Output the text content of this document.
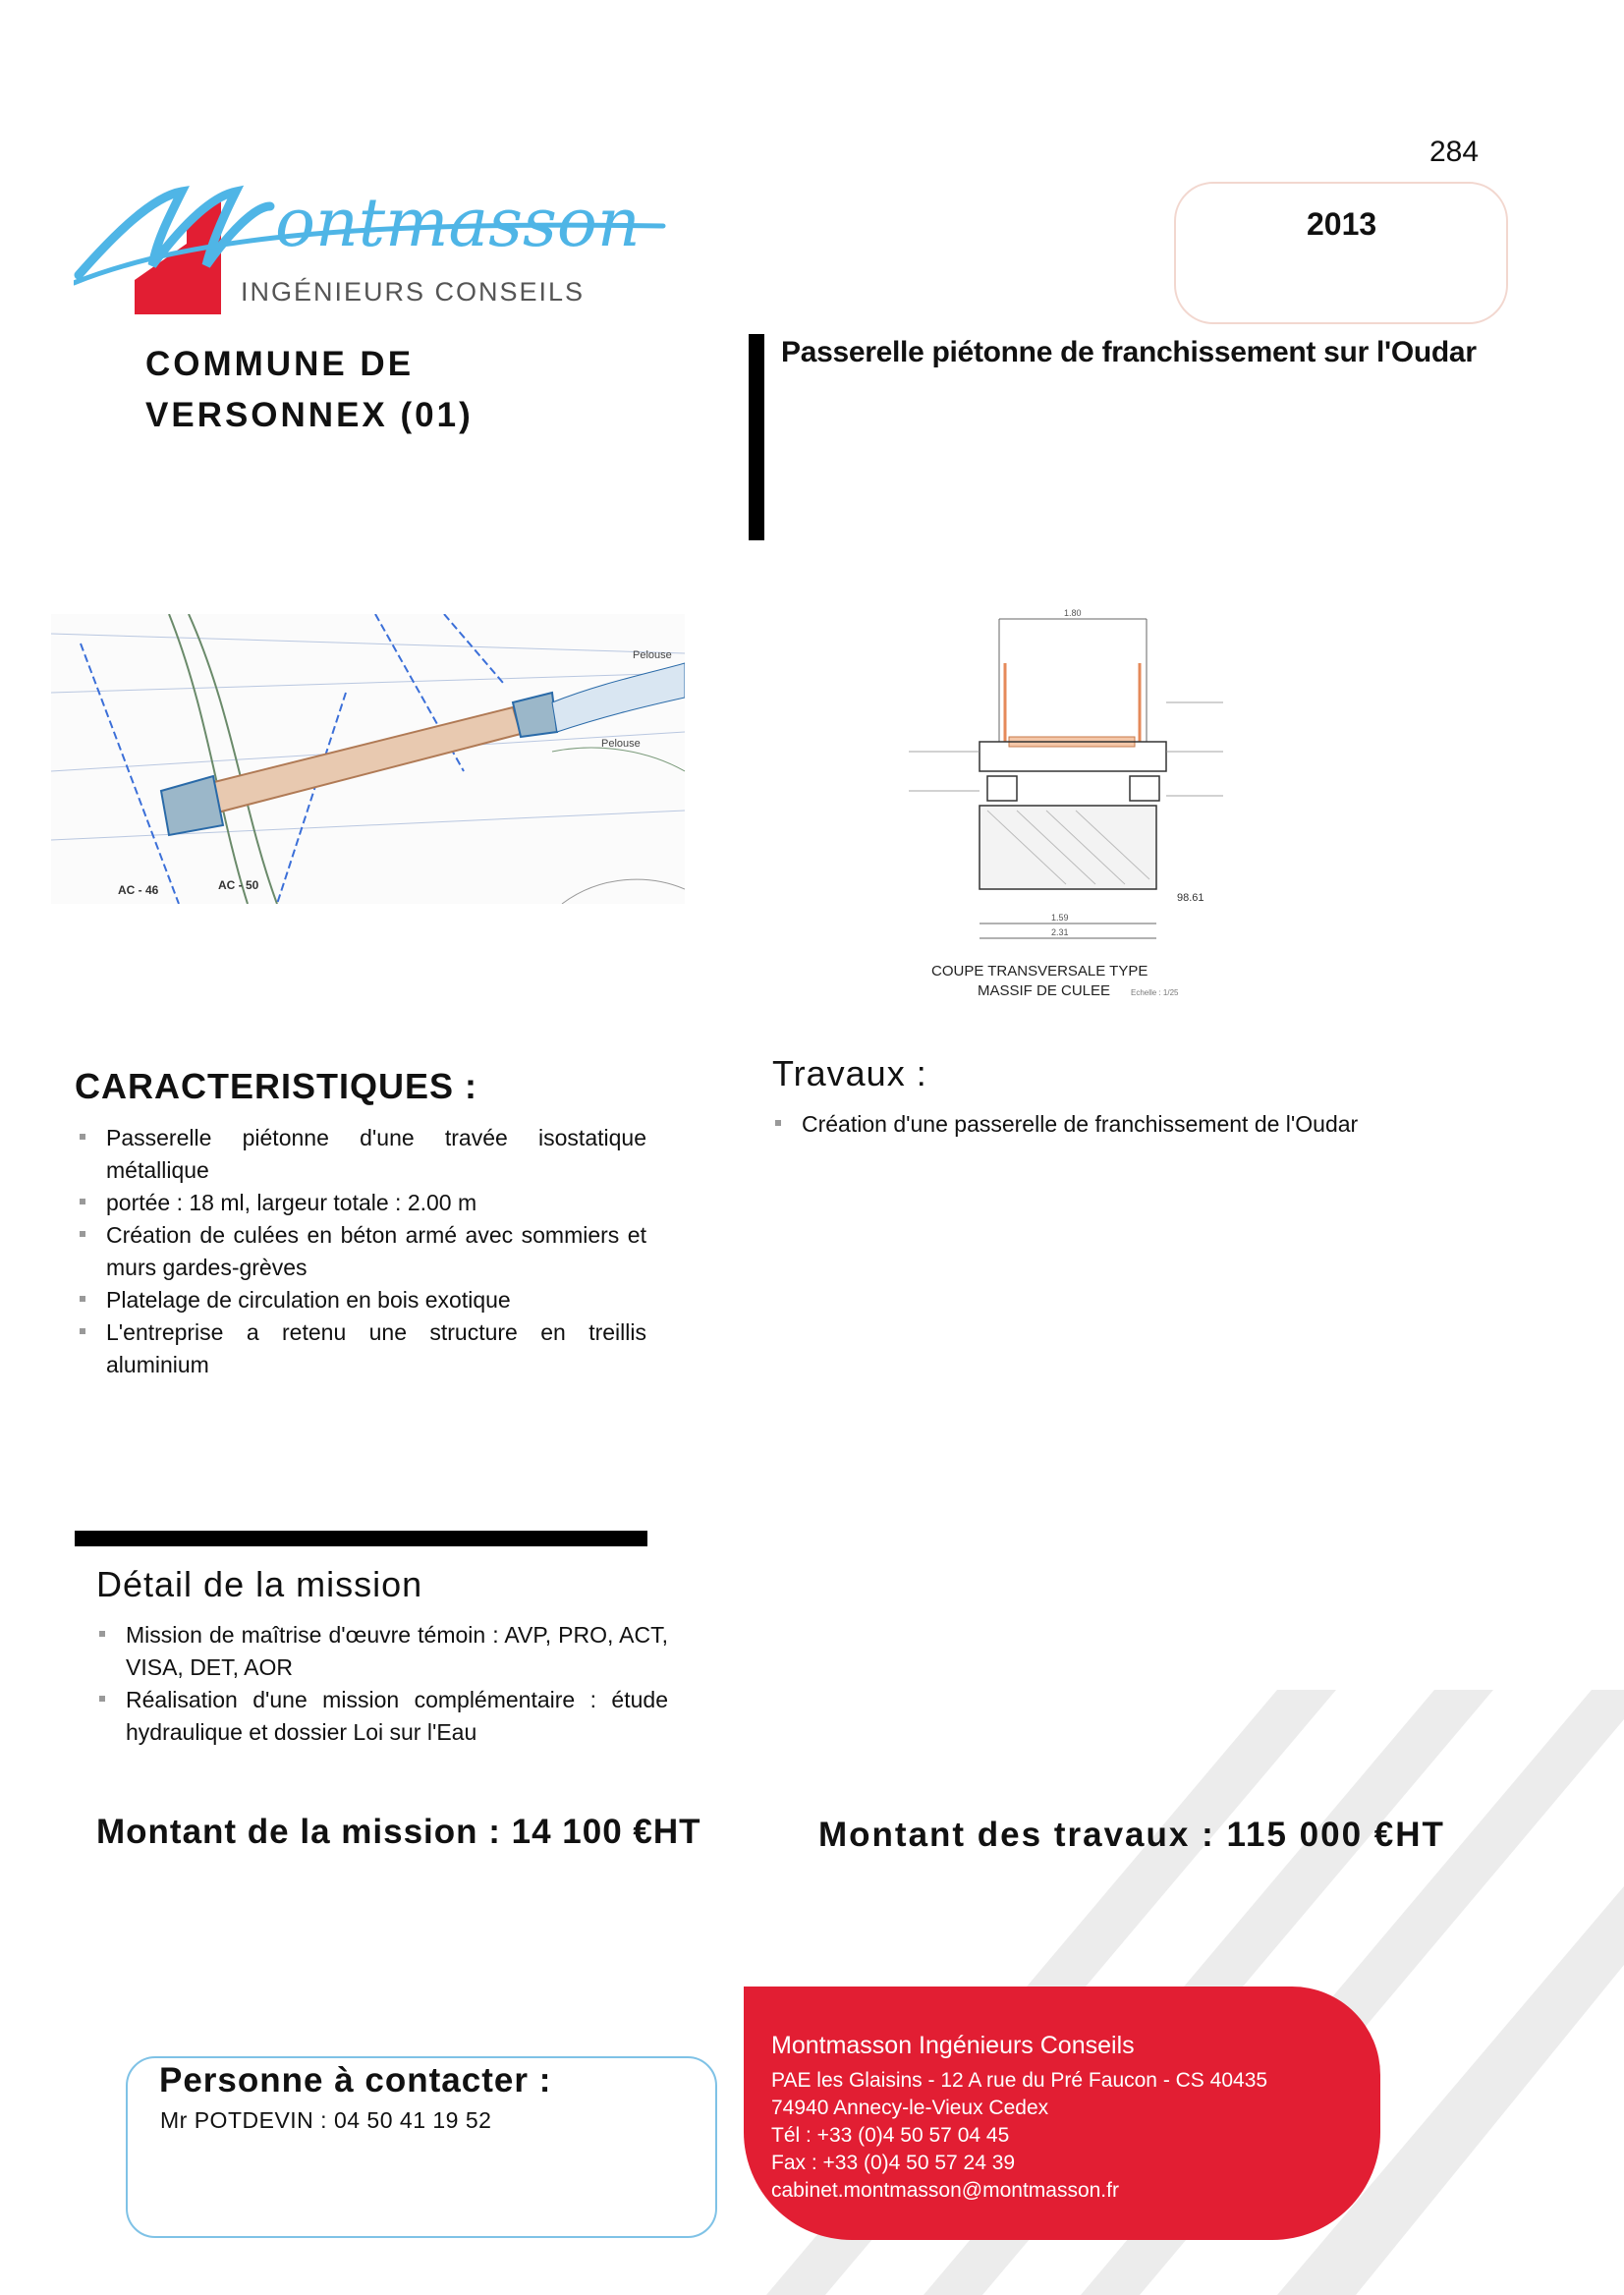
284
2013
ontmasson
INGÉNIEURS CONSEILS
COMMUNE DE
VERSONNEX (01)
Passerelle piétonne de franchissement sur l'Oudar
Pelouse
Pelouse
AC - 46	AC - 50
1.80
1.59
2.31
98.61
COUPE TRANSVERSALE TYPE
MASSIF DE CULEE	Echelle : 1/25
CARACTERISTIQUES :
Passerelle piétonne d'une travée isostatique métallique
portée : 18 ml, largeur totale : 2.00 m
Création de culées en béton armé avec sommiers et murs gardes-grèves
Platelage de circulation en bois exotique
L'entreprise a retenu une structure en treillis aluminium
Travaux :
Création d'une passerelle de franchissement de l'Oudar
Détail de la mission
Mission de maîtrise d'œuvre témoin : AVP, PRO, ACT, VISA, DET, AOR
Réalisation d'une mission complémentaire : étude hydraulique et dossier Loi sur l'Eau
Montant de la mission : 14 100 €HT	Montant des travaux : 115 000 €HT
Personne à contacter :
Mr POTDEVIN : 04 50 41 19 52
Montmasson Ingénieurs Conseils
PAE les Glaisins - 12 A rue du Pré Faucon - CS 40435
74940 Annecy-le-Vieux Cedex
Tél : +33 (0)4 50 57 04 45
Fax : +33 (0)4 50 57 24 39
cabinet.montmasson@montmasson.fr
